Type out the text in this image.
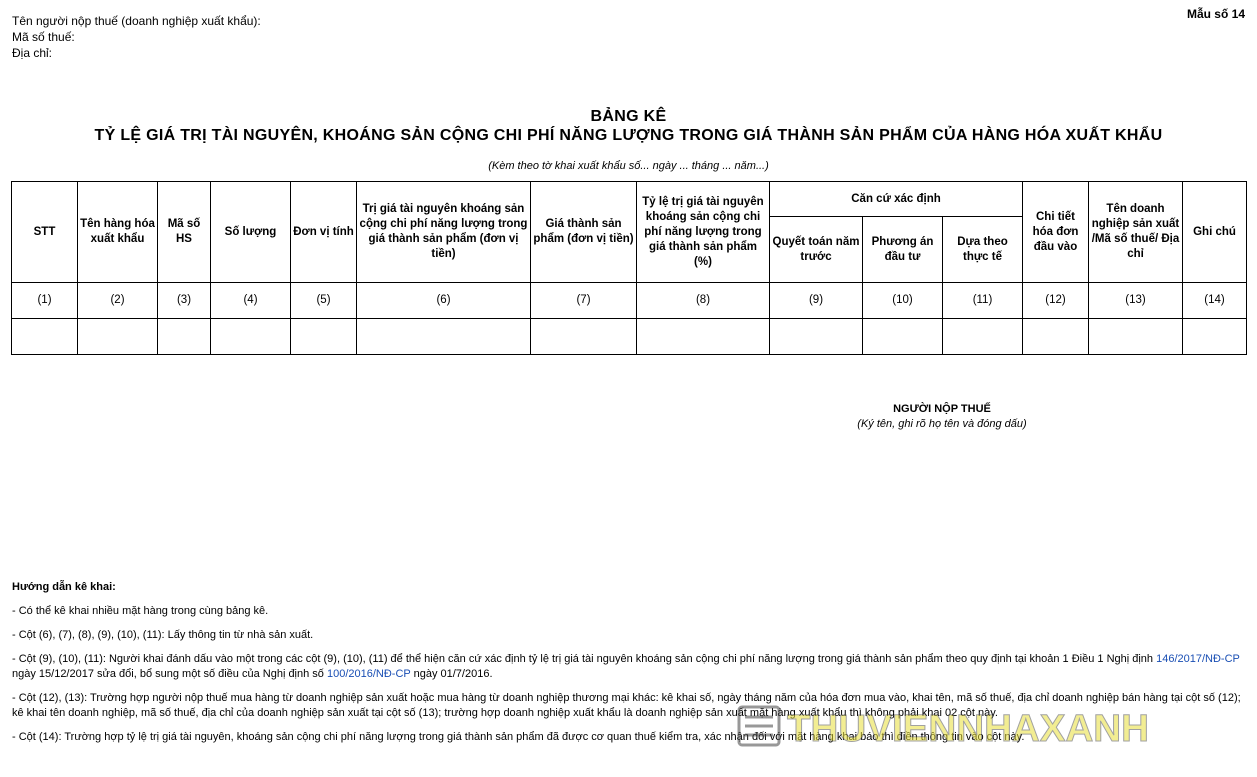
Tên người nộp thuế (doanh nghiệp xuất khẩu):
Mã số thuế:
Địa chỉ:
Mẫu số 14
BẢNG KÊ
TỶ LỆ GIÁ TRỊ TÀI NGUYÊN, KHOÁNG SẢN CỘNG CHI PHÍ NĂNG LƯỢNG TRONG GIÁ THÀNH SẢN PHẨM CỦA HÀNG HÓA XUẤT KHẨU
(Kèm theo tờ khai xuất khẩu số... ngày ... tháng ... năm...)
STT	Tên hàng hóa xuất khẩu	Mã số HS	Số lượng	Đơn vị tính	Trị giá tài nguyên khoáng sản cộng chi phí năng lượng trong giá thành sản phẩm (đơn vị tiền)	Giá thành sản phẩm (đơn vị tiền)	Tỷ lệ trị giá tài nguyên khoáng sản cộng chi phí năng lượng trong giá thành sản phẩm (%)	Căn cứ xác định			Chi tiết hóa đơn đầu vào	Tên doanh nghiệp sản xuất /Mã số thuế/ Địa chỉ	Ghi chú
								Quyết toán năm trước	Phương án đầu tư	Dựa theo thực tế			
(1)	(2)	(3)	(4)	(5)	(6)	(7)	(8)	(9)	(10)	(11)	(12)	(13)	(14)

NGƯỜI NỘP THUẾ
(Ký tên, ghi rõ họ tên và đóng dấu)
Hướng dẫn kê khai:

- Có thể kê khai nhiều mặt hàng trong cùng bảng kê.

- Cột (6), (7), (8), (9), (10), (11): Lấy thông tin từ nhà sản xuất.

- Cột (9), (10), (11): Người khai đánh dấu vào một trong các cột (9), (10), (11) để thể hiện căn cứ xác định tỷ lệ trị giá tài nguyên khoáng sản cộng chi phí năng lượng trong giá thành sản phẩm theo quy định tại khoản 1 Điều 1 Nghị định 146/2017/NĐ-CP ngày 15/12/2017 sửa đổi, bổ sung một số điều của Nghị định số 100/2016/NĐ-CP ngày 01/7/2016.

- Cột (12), (13): Trường hợp người nộp thuế mua hàng từ doanh nghiệp sản xuất hoặc mua hàng từ doanh nghiệp thương mại khác: kê khai số, ngày tháng năm của hóa đơn mua vào, khai tên, mã số thuế, địa chỉ doanh nghiệp bán hàng tại cột số (12); kê khai tên doanh nghiệp, mã số thuế, địa chỉ của doanh nghiệp sản xuất tại cột số (13); trường hợp doanh nghiệp xuất khẩu là doanh nghiệp sản xuất mặt hàng xuất khẩu thì không phải khai 02 cột này.

- Cột (14): Trường hợp tỷ lệ trị giá tài nguyên, khoáng sản cộng chi phí năng lượng trong giá thành sản phẩm đã được cơ quan thuế kiểm tra, xác nhận đối với mặt hàng khai báo thì điền thông tin vào cột này.

THUVIENNHAXANH
